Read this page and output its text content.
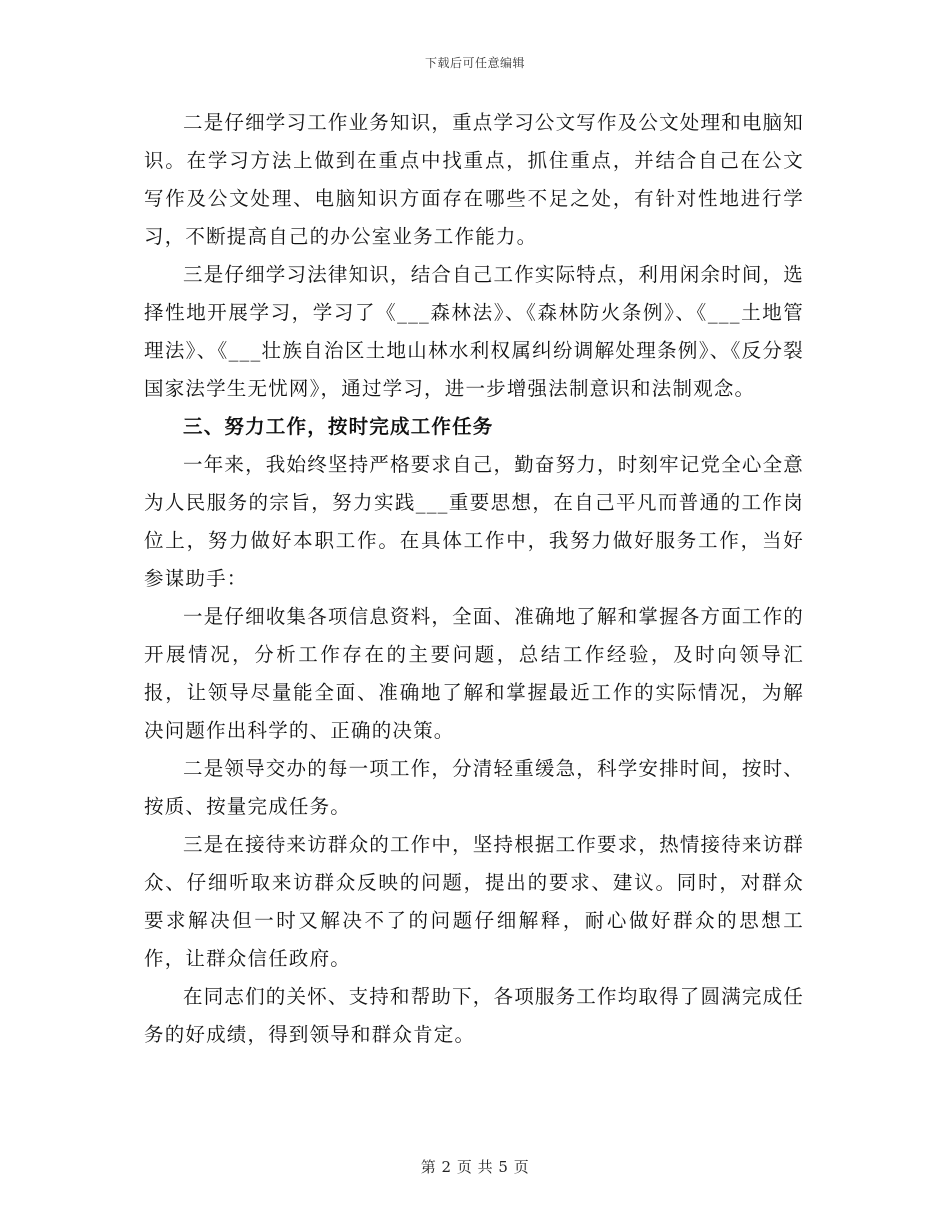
下载后可任意编辑

二是仔细学习工作业务知识，重点学习公文写作及公文处理和电脑知识。在学习方法上做到在重点中找重点，抓住重点，并结合自己在公文写作及公文处理、电脑知识方面存在哪些不足之处，有针对性地进行学习，不断提高自己的办公室业务工作能力。

三是仔细学习法律知识，结合自己工作实际特点，利用闲余时间，选择性地开展学习，学习了《___森林法》、《森林防火条例》、《___土地管理法》、《___壮族自治区土地山林水利权属纠纷调解处理条例》、《反分裂国家法学生无忧网》，通过学习，进一步增强法制意识和法制观念。

三、努力工作，按时完成工作任务

一年来，我始终坚持严格要求自己，勤奋努力，时刻牢记党全心全意为人民服务的宗旨，努力实践___重要思想，在自己平凡而普通的工作岗位上，努力做好本职工作。在具体工作中，我努力做好服务工作，当好参谋助手：

一是仔细收集各项信息资料，全面、准确地了解和掌握各方面工作的开展情况，分析工作存在的主要问题，总结工作经验，及时向领导汇报，让领导尽量能全面、准确地了解和掌握最近工作的实际情况，为解决问题作出科学的、正确的决策。

二是领导交办的每一项工作，分清轻重缓急，科学安排时间，按时、按质、按量完成任务。

三是在接待来访群众的工作中，坚持根据工作要求，热情接待来访群众、仔细听取来访群众反映的问题，提出的要求、建议。同时，对群众要求解决但一时又解决不了的问题仔细解释，耐心做好群众的思想工作，让群众信任政府。

在同志们的关怀、支持和帮助下，各项服务工作均取得了圆满完成任务的好成绩，得到领导和群众肯定。

第 2 页 共 5 页
